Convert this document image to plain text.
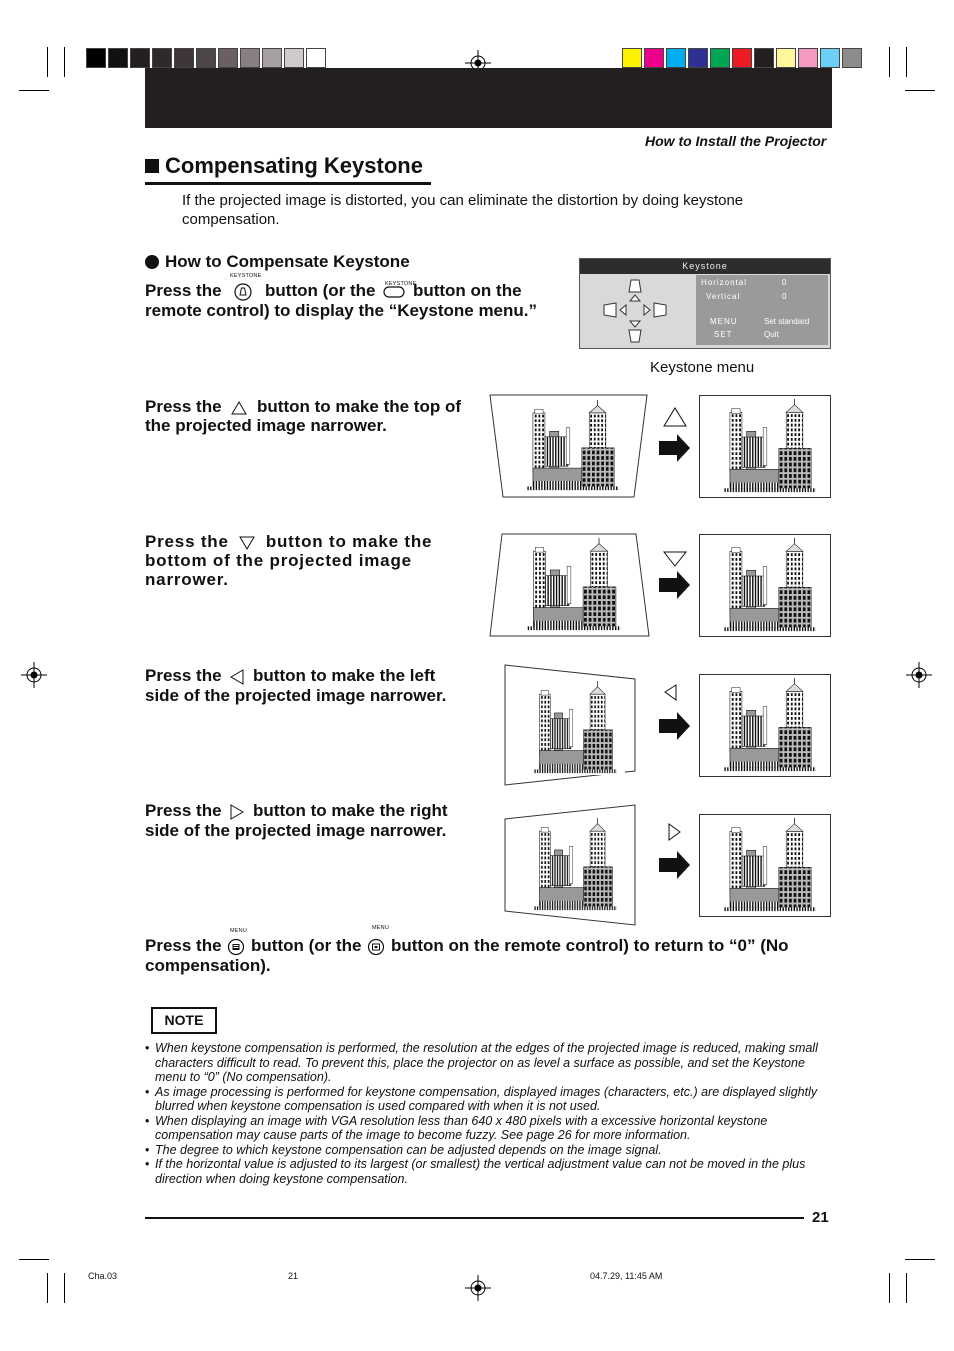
How to Install the Projector
Compensating Keystone
If the projected image is distorted, you can eliminate the distortion by doing keystone compensation.
How to Compensate Keystone
KEYSTONE
KEYSTONE
Press the	button (or the button on the
remote control) to display the “Keystone menu.”
Keystone
Horizontal	0
Vertical	0
MENU	Set standard
SET	Quit
Keystone menu
Press the button to make the top of
the projected image narrower.
Press the button to make the
bottom of the projected image
narrower.
Press the button to make the left
side of the projected image narrower.
Press the button to make the right
side of the projected image narrower.
MENU	MENU
Press the button (or the button on the remote control) to return to “0” (No
compensation).
NOTE
• When keystone compensation is performed, the resolution at the edges of the projected image is reduced, making small characters difficult to read. To prevent this, place the projector on as level a surface as possible, and set the Keystone menu to “0” (No compensation).
• As image processing is performed for keystone compensation, displayed images (characters, etc.) are displayed slightly blurred when keystone compensation is used compared with when it is not used.
• When displaying an image with VGA resolution less than 640 x 480 pixels with a excessive horizontal keystone compensation may cause parts of the image to become fuzzy. See page 26 for more information.
• The degree to which keystone compensation can be adjusted depends on the image signal.
• If the horizontal value is adjusted to its largest (or smallest) the vertical adjustment value can not be moved in the plus direction when doing keystone compensation.
21
Cha.03	21	04.7.29, 11:45 AM
